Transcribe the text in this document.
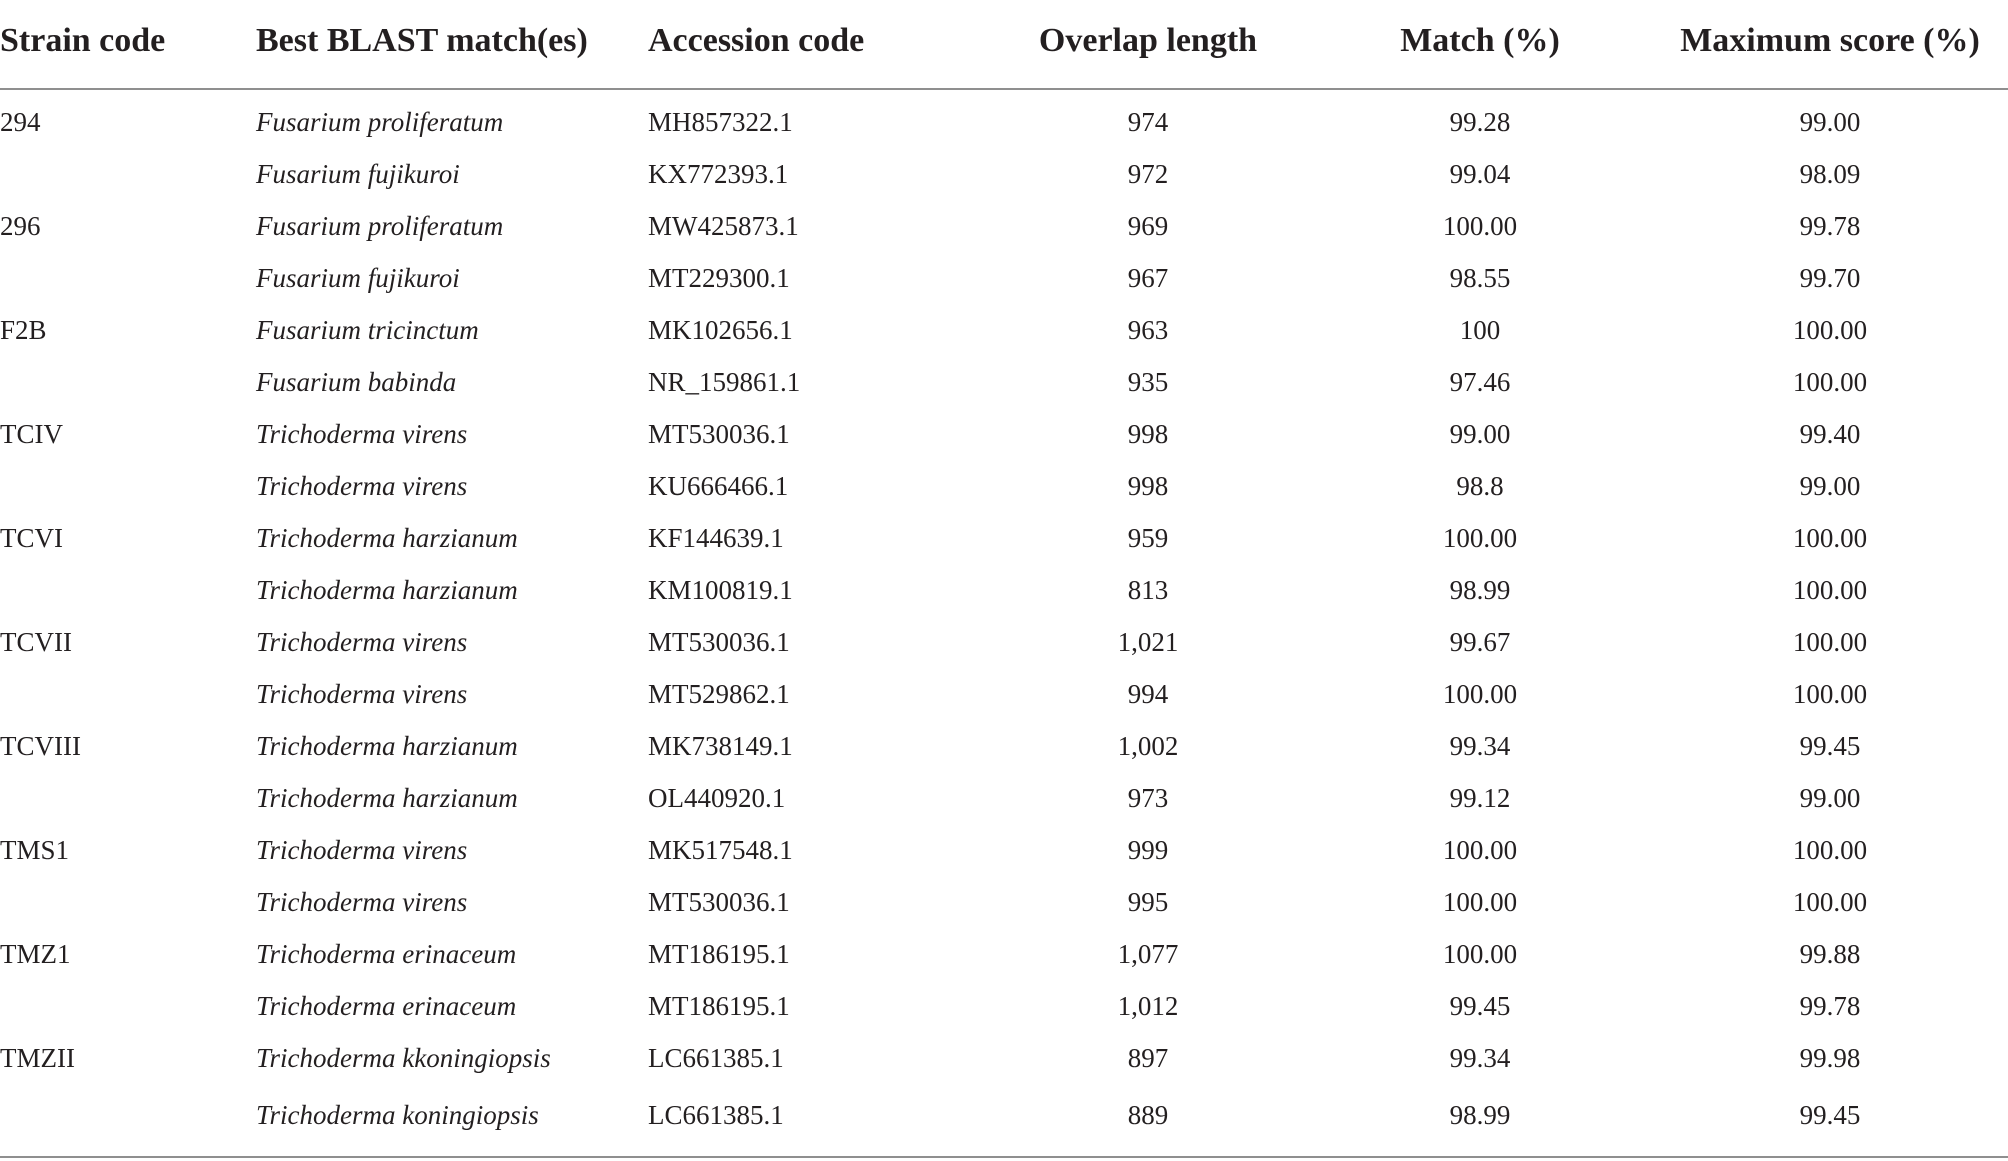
Strain code	Best BLAST match(es)	Accession code	Overlap length	Match (%)	Maximum score (%)
294	Fusarium proliferatum	MH857322.1	974	99.28	99.00
	Fusarium fujikuroi	KX772393.1	972	99.04	98.09
296	Fusarium proliferatum	MW425873.1	969	100.00	99.78
	Fusarium fujikuroi	MT229300.1	967	98.55	99.70
F2B	Fusarium tricinctum	MK102656.1	963	100	100.00
	Fusarium babinda	NR_159861.1	935	97.46	100.00
TCIV	Trichoderma virens	MT530036.1	998	99.00	99.40
	Trichoderma virens	KU666466.1	998	98.8	99.00
TCVI	Trichoderma harzianum	KF144639.1	959	100.00	100.00
	Trichoderma harzianum	KM100819.1	813	98.99	100.00
TCVII	Trichoderma virens	MT530036.1	1,021	99.67	100.00
	Trichoderma virens	MT529862.1	994	100.00	100.00
TCVIII	Trichoderma harzianum	MK738149.1	1,002	99.34	99.45
	Trichoderma harzianum	OL440920.1	973	99.12	99.00
TMS1	Trichoderma virens	MK517548.1	999	100.00	100.00
	Trichoderma virens	MT530036.1	995	100.00	100.00
TMZ1	Trichoderma erinaceum	MT186195.1	1,077	100.00	99.88
	Trichoderma erinaceum	MT186195.1	1,012	99.45	99.78
TMZII	Trichoderma kkoningiopsis	LC661385.1	897	99.34	99.98
	Trichoderma koningiopsis	LC661385.1	889	98.99	99.45
